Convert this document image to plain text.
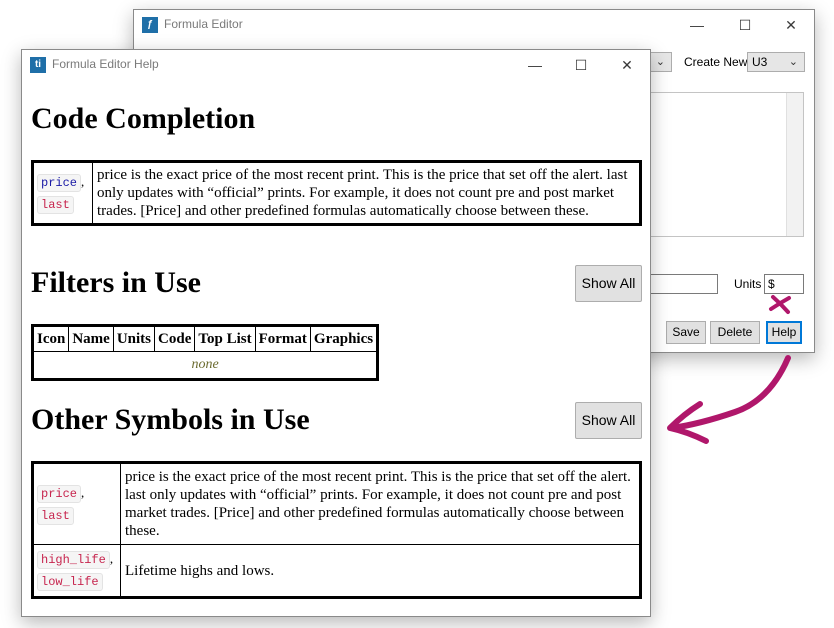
ƒ Formula Editor	—	☐	✕
⌄ Create New U3 ⌄
Units $
Save	Delete	Help
ti Formula Editor Help	—	☐	✕
Code Completion
price ,
last	price is the exact price of the most recent print. This is the price that set off the alert. last only updates with “official” prints. For example, it does not count pre and post market trades. [Price] and other predefined formulas automatically choose between these.
Filters in Use	Show All
Icon	Name	Units	Code	Top List	Format	Graphics
none
Other Symbols in Use	Show All
price ,
last	price is the exact price of the most recent print. This is the price that set off the alert. last only updates with “official” prints. For example, it does not count pre and post market trades. [Price] and other predefined formulas automatically choose between these.
high_life ,
low_life	Lifetime highs and lows.
